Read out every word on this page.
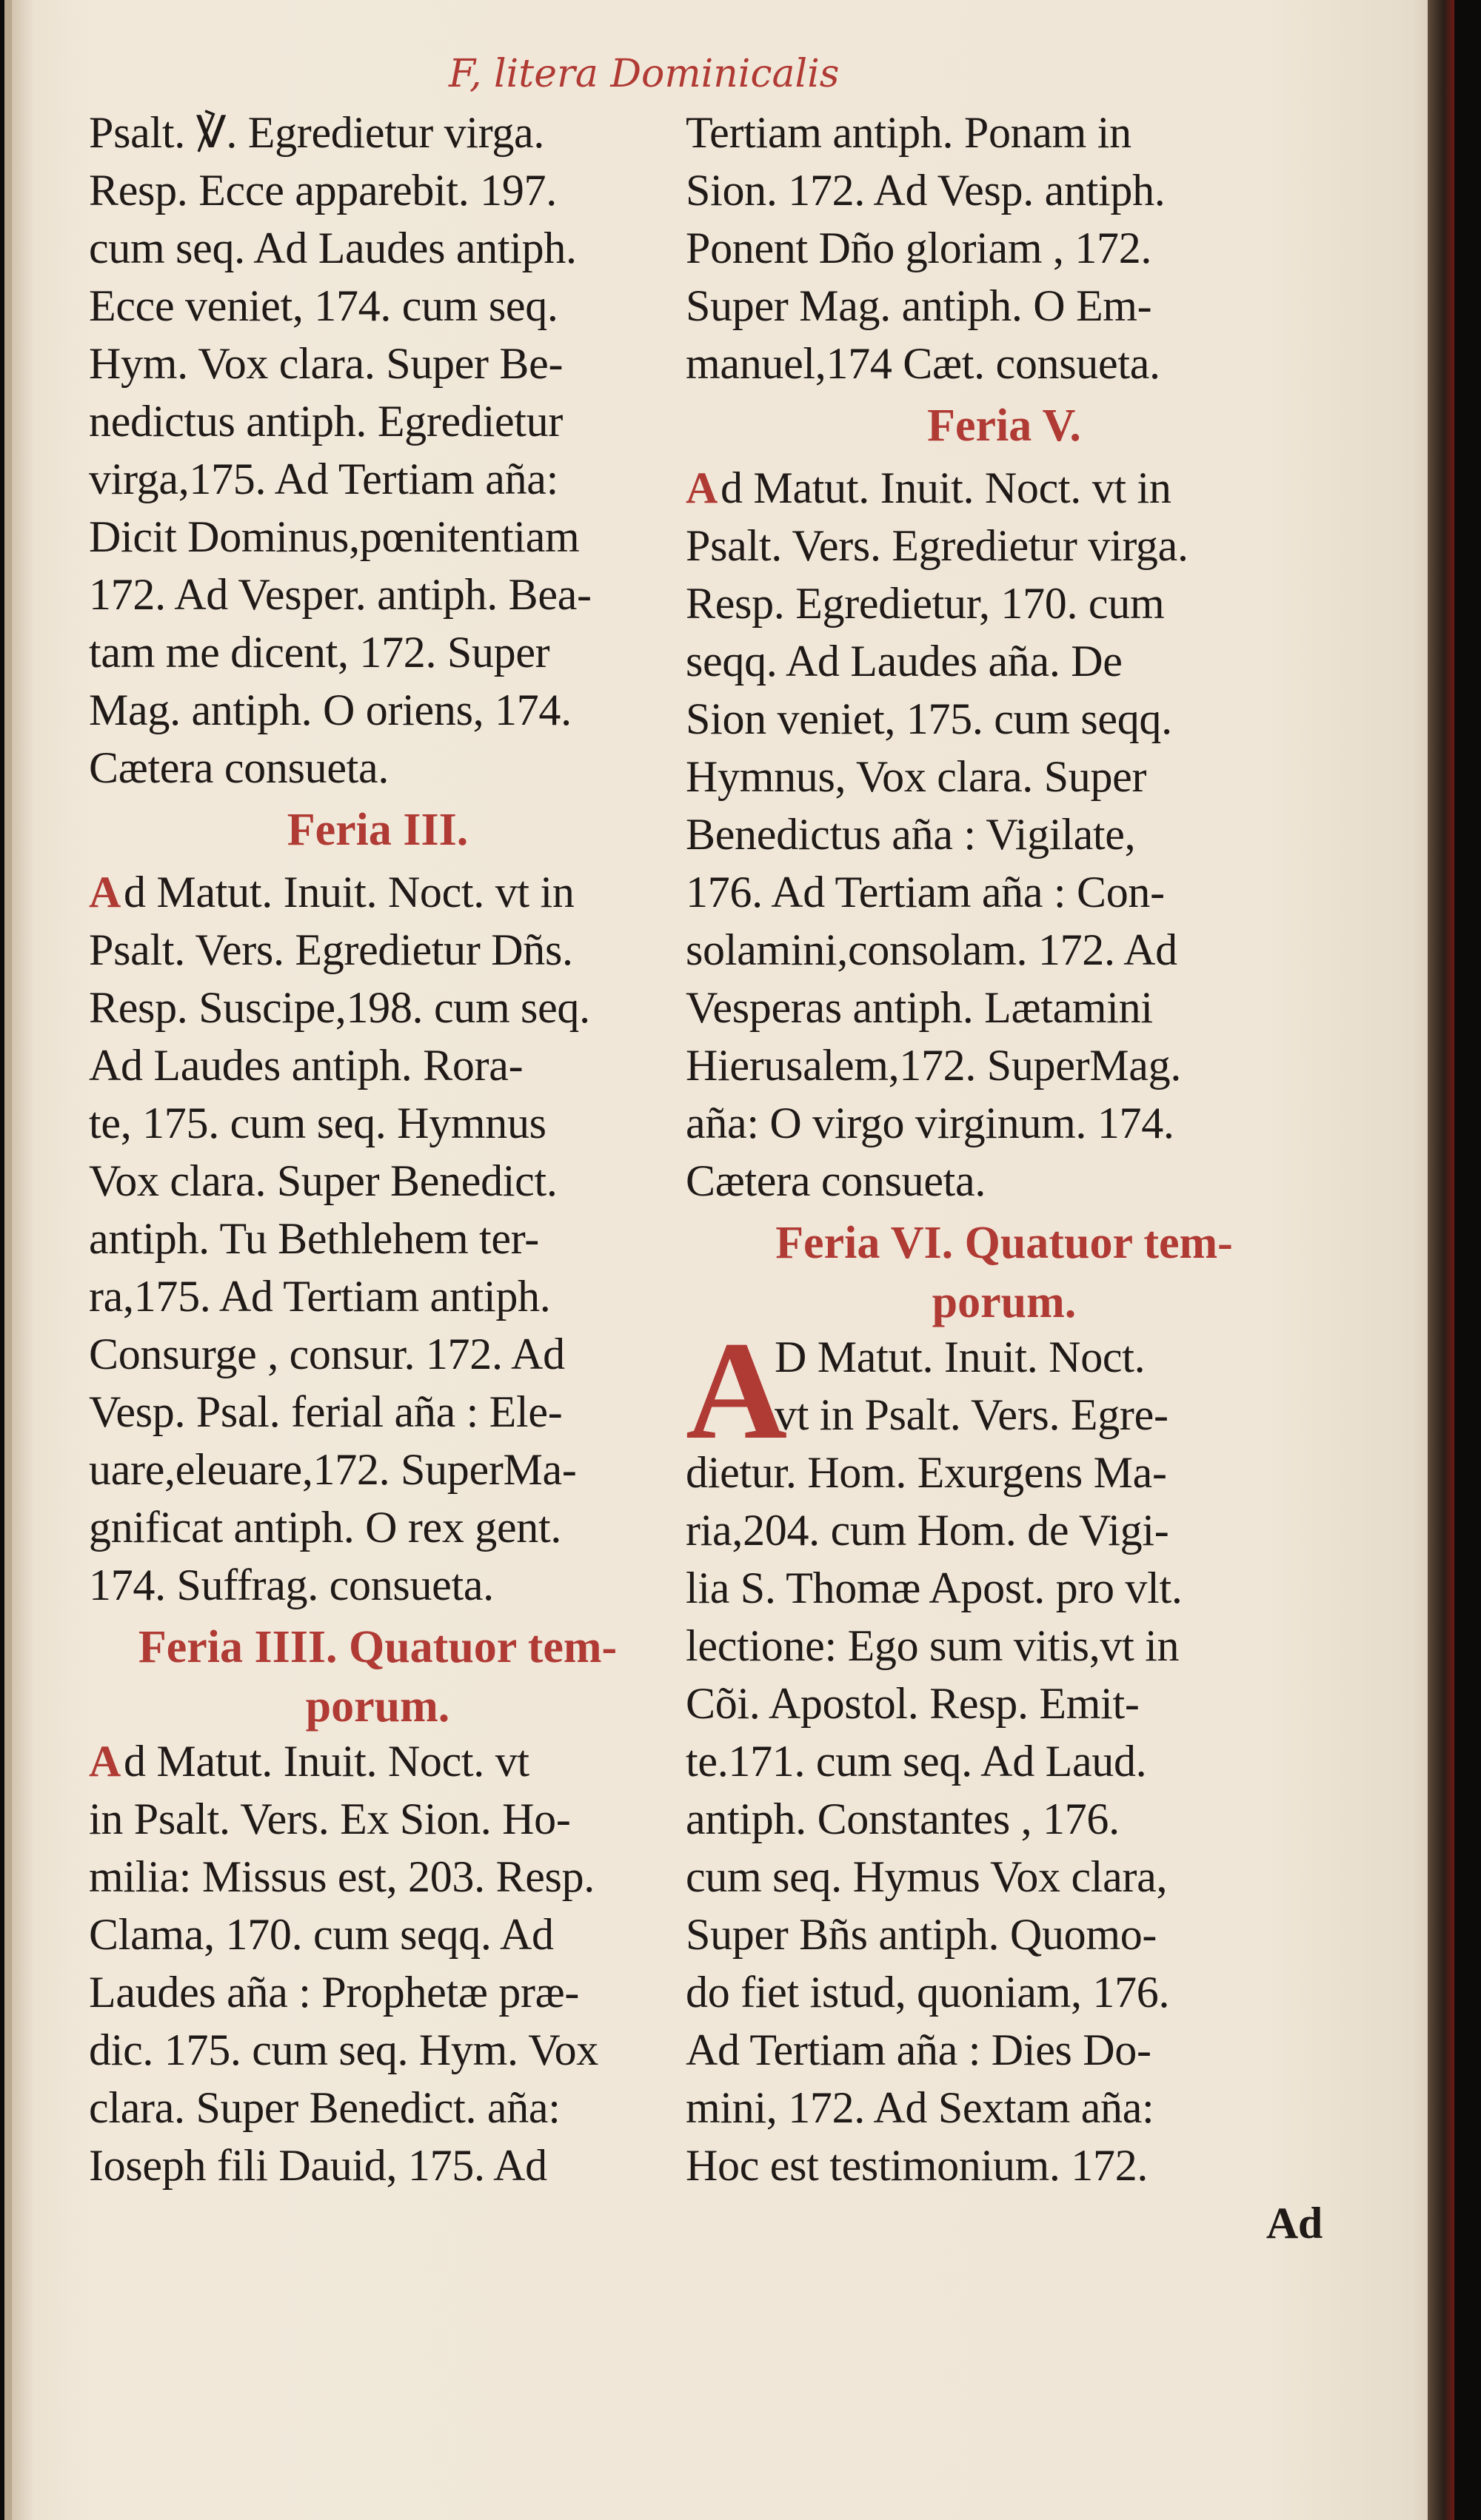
F, litera Dominicalis
Psalt. ℣. Egredietur virga.
Resp. Ecce apparebit. 197.
cum seq. Ad Laudes antiph.
Ecce veniet, 174. cum seq.
Hym. Vox clara. Super Be-
nedictus antiph. Egredietur
virga,175. Ad Tertiam aña:
Dicit Dominus,pœnitentiam
172. Ad Vesper. antiph. Bea-
tam me dicent, 172. Super
Mag. antiph. O oriens, 174.
Cætera consueta.
Feria III.
Ad Matut. Inuit. Noct. vt in
Psalt. Vers. Egredietur Dñs.
Resp. Suscipe,198. cum seq.
Ad Laudes antiph. Rora-
te, 175. cum seq. Hymnus
Vox clara. Super Benedict.
antiph. Tu Bethlehem ter-
ra,175. Ad Tertiam antiph.
Consurge , consur. 172. Ad
Vesp. Psal. ferial aña : Ele-
uare,eleuare,172. SuperMa-
gnificat antiph. O rex gent.
174. Suffrag. consueta.
Feria IIII. Quatuor tem-
porum.
Ad Matut. Inuit. Noct. vt
in Psalt. Vers. Ex Sion. Ho-
milia: Missus est, 203. Resp.
Clama, 170. cum seqq. Ad
Laudes aña : Prophetæ præ-
dic. 175. cum seq. Hym. Vox
clara. Super Benedict. aña:
Ioseph fili Dauid, 175. Ad
Tertiam antiph. Ponam in
Sion. 172. Ad Vesp. antiph.
Ponent Dño gloriam , 172.
Super Mag. antiph. O Em-
manuel,174 Cæt. consueta.
Feria V.
Ad Matut. Inuit. Noct. vt in
Psalt. Vers. Egredietur virga.
Resp. Egredietur, 170. cum
seqq. Ad Laudes aña. De
Sion veniet, 175. cum seqq.
Hymnus, Vox clara. Super
Benedictus aña : Vigilate,
176. Ad Tertiam aña : Con-
solamini,consolam. 172. Ad
Vesperas antiph. Lætamini
Hierusalem,172. SuperMag.
aña: O virgo virginum. 174.
Cætera consueta.
Feria VI. Quatuor tem-
porum.
A
D Matut. Inuit. Noct.
vt in Psalt. Vers. Egre-
dietur. Hom. Exurgens Ma-
ria,204. cum Hom. de Vigi-
lia S. Thomæ Apost. pro vlt.
lectione: Ego sum vitis,vt in
Cõi. Apostol. Resp. Emit-
te.171. cum seq. Ad Laud.
antiph. Constantes , 176.
cum seq. Hymus Vox clara,
Super Bñs antiph. Quomo-
do fiet istud, quoniam, 176.
Ad Tertiam aña : Dies Do-
mini, 172. Ad Sextam aña:
Hoc est testimonium. 172.
Ad
